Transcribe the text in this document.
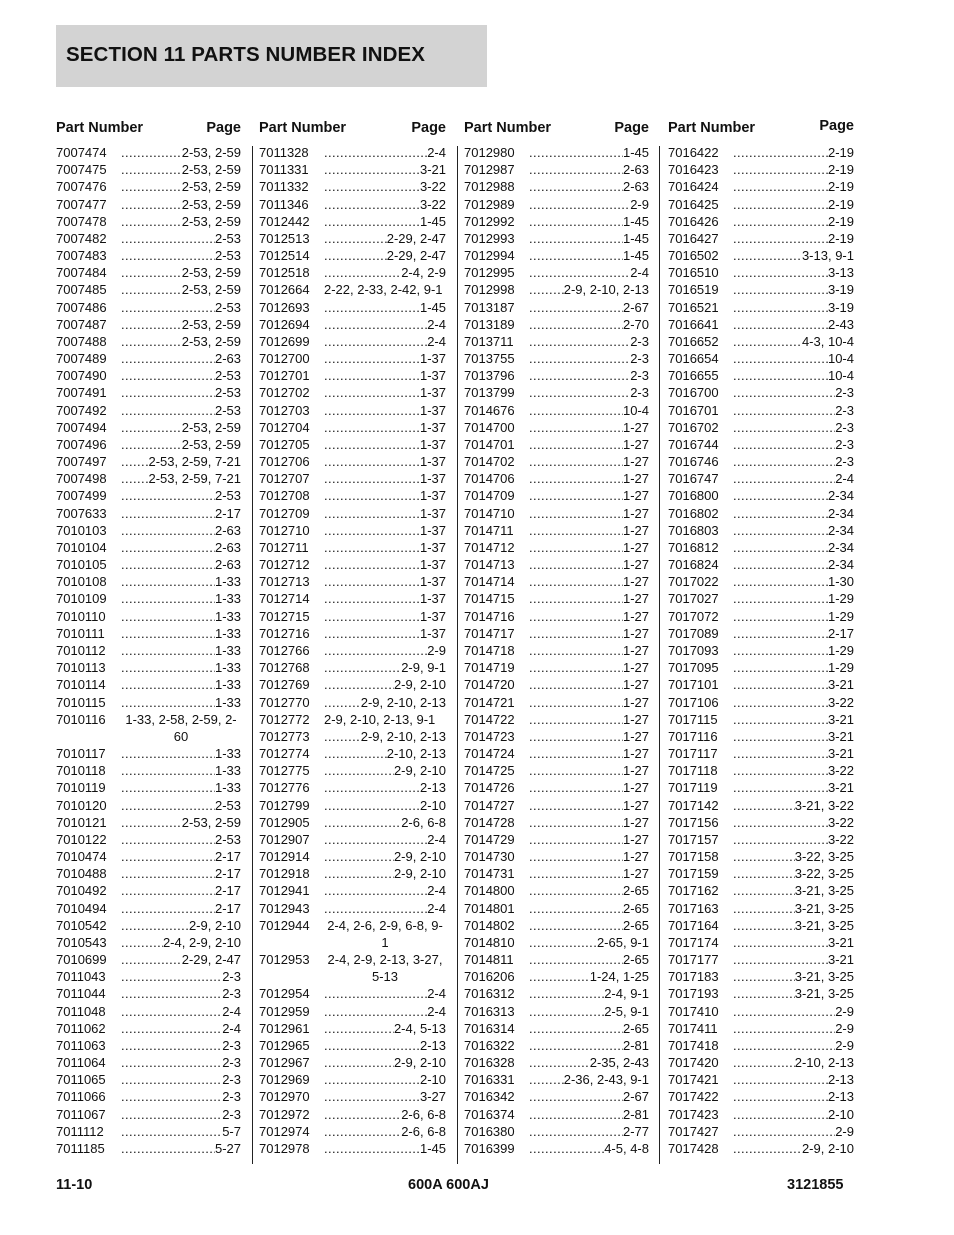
SECTION 11 PARTS NUMBER INDEX
Part Number	Page
7007474 .....	2-53, 2-59
7007475 .....	2-53, 2-59
7007476 .....	2-53, 2-59
7007477 .....	2-53, 2-59
7007478 .....	2-53, 2-59
7007482 .....	2-53
7007483 .....	2-53
7007484 .....	2-53, 2-59
7007485 .....	2-53, 2-59
7007486 .....	2-53
7007487 .....	2-53, 2-59
7007488 .....	2-53, 2-59
7007489 .....	2-63
7007490 .....	2-53
7007491 .....	2-53
7007492 .....	2-53
7007494 .....	2-53, 2-59
7007496 .....	2-53, 2-59
7007497 .....	2-53, 2-59, 7-21
7007498 .....	2-53, 2-59, 7-21
7007499 .....	2-53
7007633 .....	2-17
7010103 .....	2-63
7010104 .....	2-63
7010105 .....	2-63
7010108 .....	1-33
7010109 .....	1-33
7010110 .....	1-33
7010111 .....	1-33
7010112 .....	1-33
7010113 .....	1-33
7010114 .....	1-33
7010115 .....	1-33
7010116	1-33, 2-58, 2-59, 2-60
7010117 .....	1-33
7010118 .....	1-33
7010119 .....	1-33
7010120 .....	2-53
7010121 .....	2-53, 2-59
7010122 .....	2-53
7010474 .....	2-17
7010488 .....	2-17
7010492 .....	2-17
7010494 .....	2-17
7010542 .....	2-9, 2-10
7010543 .....	2-4, 2-9, 2-10
7010699 .....	2-29, 2-47
7011043 .....	2-3
7011044 .....	2-3
7011048 .....	2-4
7011062 .....	2-4
7011063 .....	2-3
7011064 .....	2-3
7011065 .....	2-3
7011066 .....	2-3
7011067 .....	2-3
7011112 .....	5-7
7011185 .....	5-27
Part Number	Page
7011328 .....	2-4
7011331 .....	3-21
7011332 .....	3-22
7011346 .....	3-22
7012442 .....	1-45
7012513 .....	2-29, 2-47
7012514 .....	2-29, 2-47
7012518 .....	2-4, 2-9
7012664	2-22, 2-33, 2-42, 9-1
7012693 .....	1-45
7012694 .....	2-4
7012699 .....	2-4
7012700 .....	1-37
7012701 .....	1-37
7012702 .....	1-37
7012703 .....	1-37
7012704 .....	1-37
7012705 .....	1-37
7012706 .....	1-37
7012707 .....	1-37
7012708 .....	1-37
7012709 .....	1-37
7012710 .....	1-37
7012711 .....	1-37
7012712 .....	1-37
7012713 .....	1-37
7012714 .....	1-37
7012715 .....	1-37
7012716 .....	1-37
7012766 .....	2-9
7012768 .....	2-9, 9-1
7012769 .....	2-9, 2-10
7012770 .....	2-9, 2-10, 2-13
7012772	2-9, 2-10, 2-13, 9-1
7012773 .....	2-9, 2-10, 2-13
7012774 .....	2-10, 2-13
7012775 .....	2-9, 2-10
7012776 .....	2-13
7012799 .....	2-10
7012905 .....	2-6, 6-8
7012907 .....	2-4
7012914 .....	2-9, 2-10
7012918 .....	2-9, 2-10
7012941 .....	2-4
7012943 .....	2-4
7012944	2-4, 2-6, 2-9, 6-8, 9-1
7012953	2-4, 2-9, 2-13, 3-27, 5-13
7012954 .....	2-4
7012959 .....	2-4
7012961 .....	2-4, 5-13
7012965 .....	2-13
7012967 .....	2-9, 2-10
7012969 .....	2-10
7012970 .....	3-27
7012972 .....	2-6, 6-8
7012974 .....	2-6, 6-8
7012978 .....	1-45
Part Number	Page
7012980 .....	1-45
7012987 .....	2-63
7012988 .....	2-63
7012989 .....	2-9
7012992 .....	1-45
7012993 .....	1-45
7012994 .....	1-45
7012995 .....	2-4
7012998 .....	2-9, 2-10, 2-13
7013187 .....	2-67
7013189 .....	2-70
7013711 .....	2-3
7013755 .....	2-3
7013796 .....	2-3
7013799 .....	2-3
7014676 .....	10-4
7014700 .....	1-27
7014701 .....	1-27
7014702 .....	1-27
7014706 .....	1-27
7014709 .....	1-27
7014710 .....	1-27
7014711 .....	1-27
7014712 .....	1-27
7014713 .....	1-27
7014714 .....	1-27
7014715 .....	1-27
7014716 .....	1-27
7014717 .....	1-27
7014718 .....	1-27
7014719 .....	1-27
7014720 .....	1-27
7014721 .....	1-27
7014722 .....	1-27
7014723 .....	1-27
7014724 .....	1-27
7014725 .....	1-27
7014726 .....	1-27
7014727 .....	1-27
7014728 .....	1-27
7014729 .....	1-27
7014730 .....	1-27
7014731 .....	1-27
7014800 .....	2-65
7014801 .....	2-65
7014802 .....	2-65
7014810 .....	2-65, 9-1
7014811 .....	2-65
7016206 .....	1-24, 1-25
7016312 .....	2-4, 9-1
7016313 .....	2-5, 9-1
7016314 .....	2-65
7016322 .....	2-81
7016328 .....	2-35, 2-43
7016331 .....	2-36, 2-43, 9-1
7016342 .....	2-67
7016374 .....	2-81
7016380 .....	2-77
7016399 .....	4-5, 4-8
Part Number	Page
7016422 .....	2-19
7016423 .....	2-19
7016424 .....	2-19
7016425 .....	2-19
7016426 .....	2-19
7016427 .....	2-19
7016502 .....	3-13, 9-1
7016510 .....	3-13
7016519 .....	3-19
7016521 .....	3-19
7016641 .....	2-43
7016652 .....	4-3, 10-4
7016654 .....	10-4
7016655 .....	10-4
7016700 .....	2-3
7016701 .....	2-3
7016702 .....	2-3
7016744 .....	2-3
7016746 .....	2-3
7016747 .....	2-4
7016800 .....	2-34
7016802 .....	2-34
7016803 .....	2-34
7016812 .....	2-34
7016824 .....	2-34
7017022 .....	1-30
7017027 .....	1-29
7017072 .....	1-29
7017089 .....	2-17
7017093 .....	1-29
7017095 .....	1-29
7017101 .....	3-21
7017106 .....	3-22
7017115 .....	3-21
7017116 .....	3-21
7017117 .....	3-21
7017118 .....	3-22
7017119 .....	3-21
7017142 .....	3-21, 3-22
7017156 .....	3-22
7017157 .....	3-22
7017158 .....	3-22, 3-25
7017159 .....	3-22, 3-25
7017162 .....	3-21, 3-25
7017163 .....	3-21, 3-25
7017164 .....	3-21, 3-25
7017174 .....	3-21
7017177 .....	3-21
7017183 .....	3-21, 3-25
7017193 .....	3-21, 3-25
7017410 .....	2-9
7017411 .....	2-9
7017418 .....	2-9
7017420 .....	2-10, 2-13
7017421 .....	2-13
7017422 .....	2-13
7017423 .....	2-10
7017427 .....	2-9
7017428 .....	2-9, 2-10
11-10	600A 600AJ	3121855
